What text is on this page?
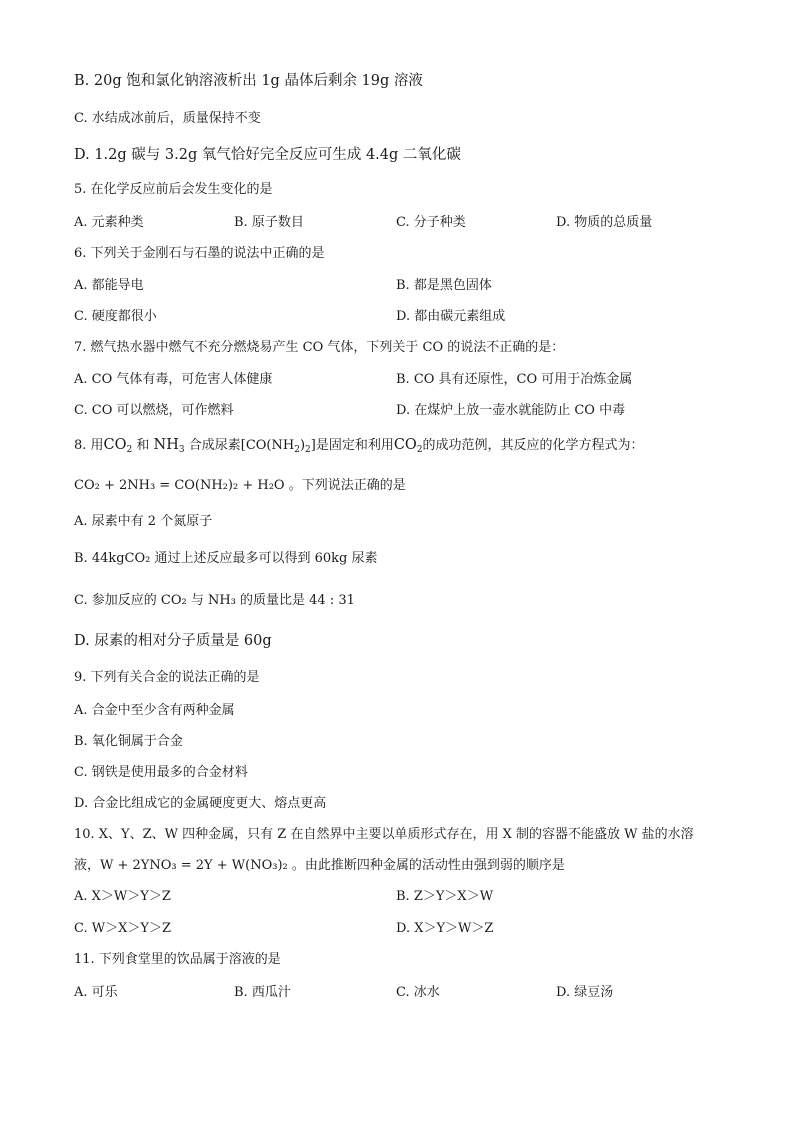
B. 20g 饱和氯化钠溶液析出 1g 晶体后剩余 19g 溶液
C. 水结成冰前后，质量保持不变
D. 1.2g 碳与 3.2g 氧气恰好完全反应可生成 4.4g 二氧化碳
5. 在化学反应前后会发生变化的是
A. 元素种类	B. 原子数目	C. 分子种类	D. 物质的总质量
6. 下列关于金刚石与石墨的说法中正确的是
A. 都能导电	B. 都是黑色固体
C. 硬度都很小	D. 都由碳元素组成
7. 燃气热水器中燃气不充分燃烧易产生 CO 气体，下列关于 CO 的说法不正确的是：
A. CO 气体有毒，可危害人体健康	B. CO 具有还原性，CO 可用于冶炼金属
C. CO 可以燃烧，可作燃料	D. 在煤炉上放一壶水就能防止 CO 中毒
8. 用$CO_2$ 和 $NH_3$ 合成尿素$[CO(NH_2)_2]$是固定和利用$CO_2$的成功范例，其反应的化学方程式为：
CO₂ + 2NH₃ = CO(NH₂)₂ + H₂O 。下列说法正确的是
A. 尿素中有 2 个氮原子
B. 44kgCO₂ 通过上述反应最多可以得到 60kg 尿素
C. 参加反应的 CO₂ 与 NH₃ 的质量比是 44 : 31
D. 尿素的相对分子质量是 60g
9. 下列有关合金的说法正确的是
A. 合金中至少含有两种金属
B. 氧化铜属于合金
C. 钢铁是使用最多的合金材料
D. 合金比组成它的金属硬度更大、熔点更高
10. X、Y、Z、W 四种金属，只有 Z 在自然界中主要以单质形式存在，用 X 制的容器不能盛放 W 盐的水溶
液，W + 2YNO₃ = 2Y + W(NO₃)₂ 。由此推断四种金属的活动性由强到弱的顺序是
A. X＞W＞Y＞Z	B. Z＞Y＞X＞W
C. W＞X＞Y＞Z	D. X＞Y＞W＞Z
11. 下列食堂里的饮品属于溶液的是
A. 可乐	B. 西瓜汁	C. 冰水	D. 绿豆汤
